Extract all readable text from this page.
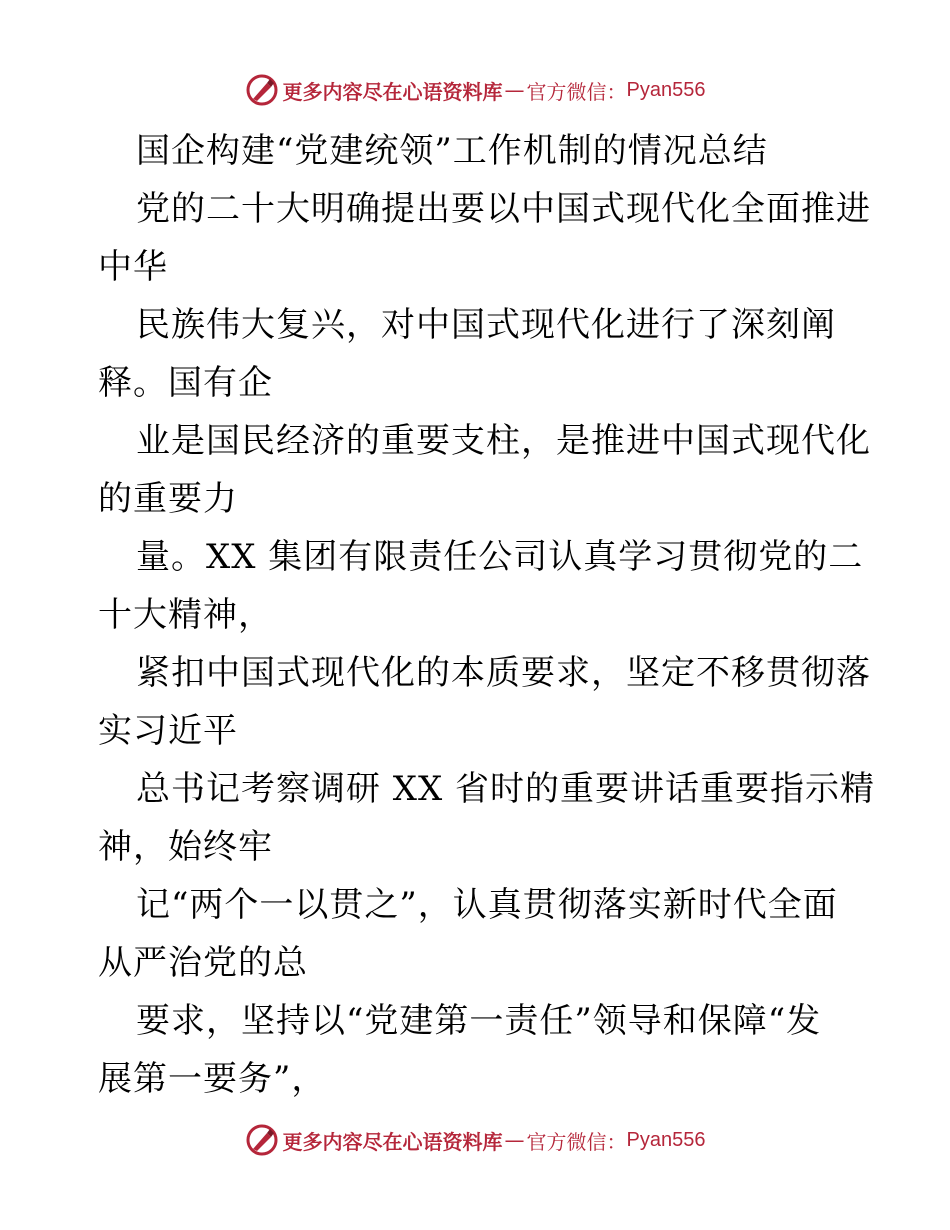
更多内容尽在心语资料库 — 官方微信： Pyan556
国企构建“党建统领”工作机制的情况总结
党的二十大明确提出要以中国式现代化全面推进
中华
民族伟大复兴，对中国式现代化进行了深刻阐
释。国有企
业是国民经济的重要支柱，是推进中国式现代化
的重要力
量。XX 集团有限责任公司认真学习贯彻党的二
十大精神，
紧扣中国式现代化的本质要求，坚定不移贯彻落
实习近平
总书记考察调研 XX 省时的重要讲话重要指示精
神，始终牢
记“两个一以贯之”，认真贯彻落实新时代全面
从严治党的总
要求，坚持以“党建第一责任”领导和保障“发
展第一要务”，
更多内容尽在心语资料库 — 官方微信： Pyan556
